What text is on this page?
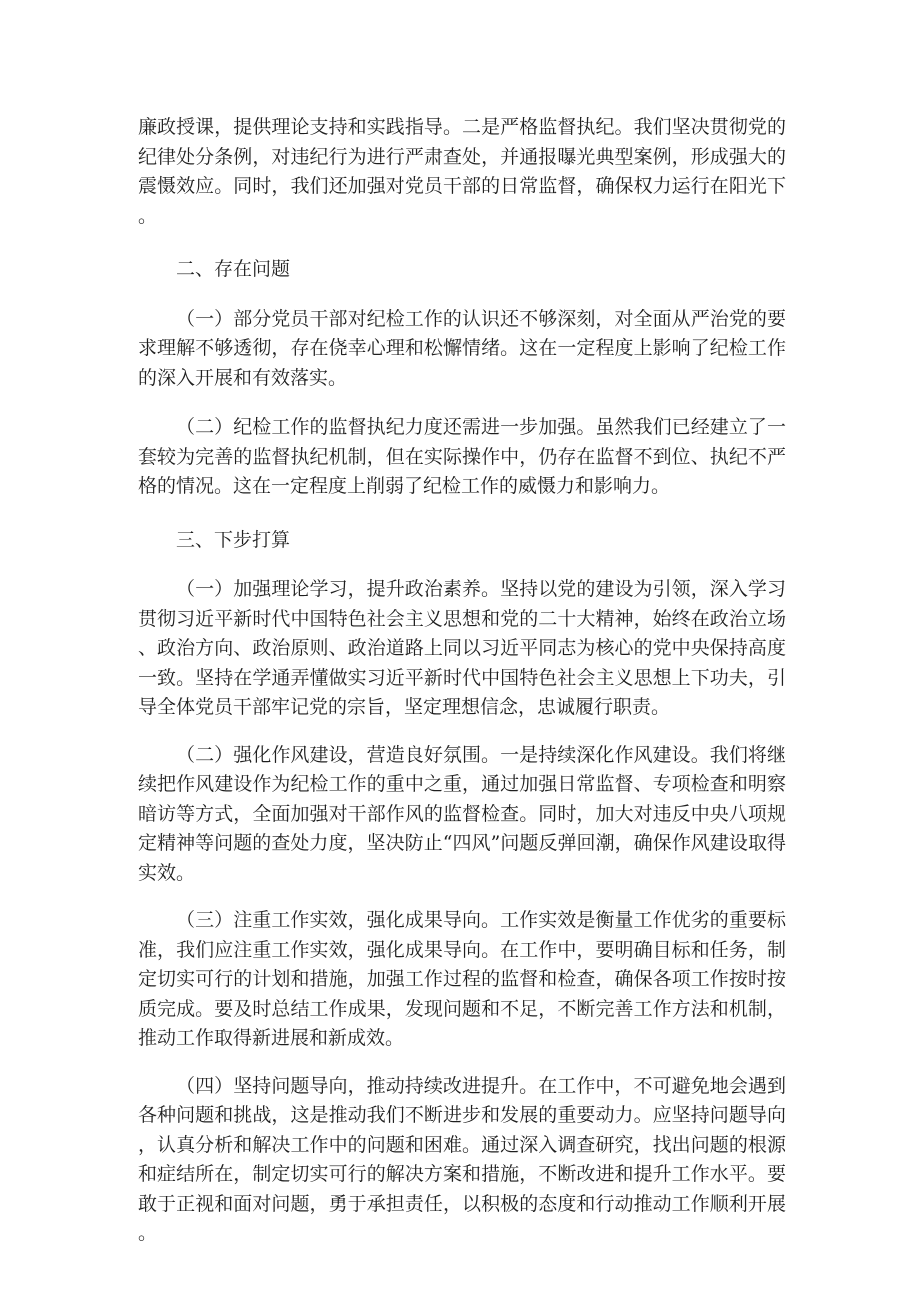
廉政授课，提供理论支持和实践指导。二是严格监督执纪。我们坚决贯彻党的纪律处分条例，对违纪行为进行严肃查处，并通报曝光典型案例，形成强大的震慑效应。同时，我们还加强对党员干部的日常监督，确保权力运行在阳光下。

二、存在问题

（一）部分党员干部对纪检工作的认识还不够深刻，对全面从严治党的要求理解不够透彻，存在侥幸心理和松懈情绪。这在一定程度上影响了纪检工作的深入开展和有效落实。

（二）纪检工作的监督执纪力度还需进一步加强。虽然我们已经建立了一套较为完善的监督执纪机制，但在实际操作中，仍存在监督不到位、执纪不严格的情况。这在一定程度上削弱了纪检工作的威慑力和影响力。

三、下步打算

（一）加强理论学习，提升政治素养。坚持以党的建设为引领，深入学习贯彻习近平新时代中国特色社会主义思想和党的二十大精神，始终在政治立场、政治方向、政治原则、政治道路上同以习近平同志为核心的党中央保持高度一致。坚持在学通弄懂做实习近平新时代中国特色社会主义思想上下功夫，引导全体党员干部牢记党的宗旨，坚定理想信念，忠诚履行职责。

（二）强化作风建设，营造良好氛围。一是持续深化作风建设。我们将继续把作风建设作为纪检工作的重中之重，通过加强日常监督、专项检查和明察暗访等方式，全面加强对干部作风的监督检查。同时，加大对违反中央八项规定精神等问题的查处力度，坚决防止“四风”问题反弹回潮，确保作风建设取得实效。

（三）注重工作实效，强化成果导向。工作实效是衡量工作优劣的重要标准，我们应注重工作实效，强化成果导向。在工作中，要明确目标和任务，制定切实可行的计划和措施，加强工作过程的监督和检查，确保各项工作按时按质完成。要及时总结工作成果，发现问题和不足，不断完善工作方法和机制，推动工作取得新进展和新成效。

（四）坚持问题导向，推动持续改进提升。在工作中，不可避免地会遇到各种问题和挑战，这是推动我们不断进步和发展的重要动力。应坚持问题导向，认真分析和解决工作中的问题和困难。通过深入调查研究，找出问题的根源和症结所在，制定切实可行的解决方案和措施，不断改进和提升工作水平。要敢于正视和面对问题，勇于承担责任，以积极的态度和行动推动工作顺利开展。
